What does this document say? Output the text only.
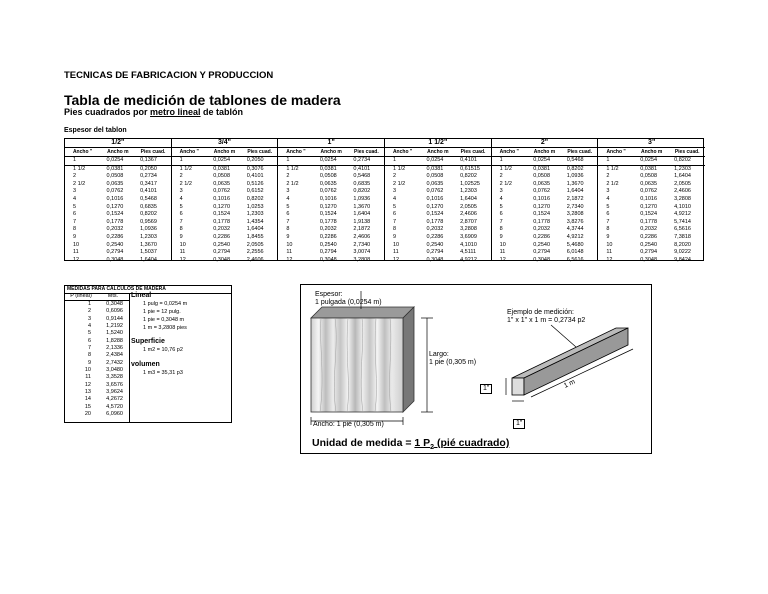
TECNICAS DE FABRICACION Y PRODUCCION
Tabla de medición de tablones de madera
Pies cuadrados por metro lineal de tablón
Espesor del tablon
1/2"
Ancho "	Ancho m	Pies cuad.
1	0,0254	0,1367
1 1/2	0,0381	0,2050
2	0,0508	0,2734
2 1/2	0,0635	0,3417
3	0,0762	0,4101
4	0,1016	0,5468
5	0,1270	0,6835
6	0,1524	0,8202
7	0,1778	0,9569
8	0,2032	1,0936
9	0,2286	1,2303
10	0,2540	1,3670
11	0,2794	1,5037
12	0,3048	1,6404
3/4"
Ancho "	Ancho m	Pies cuad.
1	0,0254	0,2050
1 1/2	0,0381	0,3076
2	0,0508	0,4101
2 1/2	0,0635	0,5126
3	0,0762	0,6152
4	0,1016	0,8202
5	0,1270	1,0253
6	0,1524	1,2303
7	0,1778	1,4354
8	0,2032	1,6404
9	0,2286	1,8455
10	0,2540	2,0505
11	0,2794	2,2556
12	0,3048	2,4606
1"
Ancho "	Ancho m	Pies cuad.
1	0,0254	0,2734
1 1/2	0,0381	0,4101
2	0,0508	0,5468
2 1/2	0,0635	0,6835
3	0,0762	0,8202
4	0,1016	1,0936
5	0,1270	1,3670
6	0,1524	1,6404
7	0,1778	1,9138
8	0,2032	2,1872
9	0,2286	2,4606
10	0,2540	2,7340
11	0,2794	3,0074
12	0,3048	3,2808
1 1/2"
Ancho "	Ancho m	Pies cuad.
1	0,0254	0,4101
1 1/2	0,0381	0,61515
2	0,0508	0,8202
2 1/2	0,0635	1,02525
3	0,0762	1,2303
4	0,1016	1,6404
5	0,1270	2,0505
6	0,1524	2,4606
7	0,1778	2,8707
8	0,2032	3,2808
9	0,2286	3,6909
10	0,2540	4,1010
11	0,2794	4,5111
12	0,3048	4,9212
2"
Ancho "	Ancho m	Pies cuad.
1	0,0254	0,5468
1 1/2	0,0381	0,8202
2	0,0508	1,0936
2 1/2	0,0635	1,3670
3	0,0762	1,6404
4	0,1016	2,1872
5	0,1270	2,7340
6	0,1524	3,2808
7	0,1778	3,8276
8	0,2032	4,3744
9	0,2286	4,9212
10	0,2540	5,4680
11	0,2794	6,0148
12	0,3048	6,5616
3"
Ancho "	Ancho m	Pies cuad.
1	0,0254	0,8202
1 1/2	0,0381	1,2303
2	0,0508	1,6404
2 1/2	0,0635	2,0505
3	0,0762	2,4606
4	0,1016	3,2808
5	0,1270	4,1010
6	0,1524	4,9212
7	0,1778	5,7414
8	0,2032	6,5616
9	0,2286	7,3818
10	0,2540	8,2020
11	0,2794	9,0222
12	0,3048	9,8424
MEDIDAS PARA CALCULOS DE MADERA
P (lineal)	Mts.
1	0,3048
2	0,6096
3	0,9144
4	1,2192
5	1,5240
6	1,8288
7	2,1336
8	2,4384
9	2,7432
10	3,0480
11	3,3528
12	3,6576
13	3,9624
14	4,2672
15	4,5720
20	6,0960
Lineal
1 pulg = 0,0254 m
1 pie = 12 pulg.
1 pie = 0,3048 m
1 m = 3,2808 pies
Superficie
1 m2 = 10,76 p2
volumen
1 m3 = 35,31 p3
1 m
Espesor:
1 pulgada (0,0254 m)
Largo:
1 pie (0,305 m)
Ancho: 1 pié (0,305 m)
Ejemplo de medición:
1" x 1" x 1 m = 0,2734 p2
1"
1"
Unidad de medida = 1 $P_2$ (pié cuadrado)
